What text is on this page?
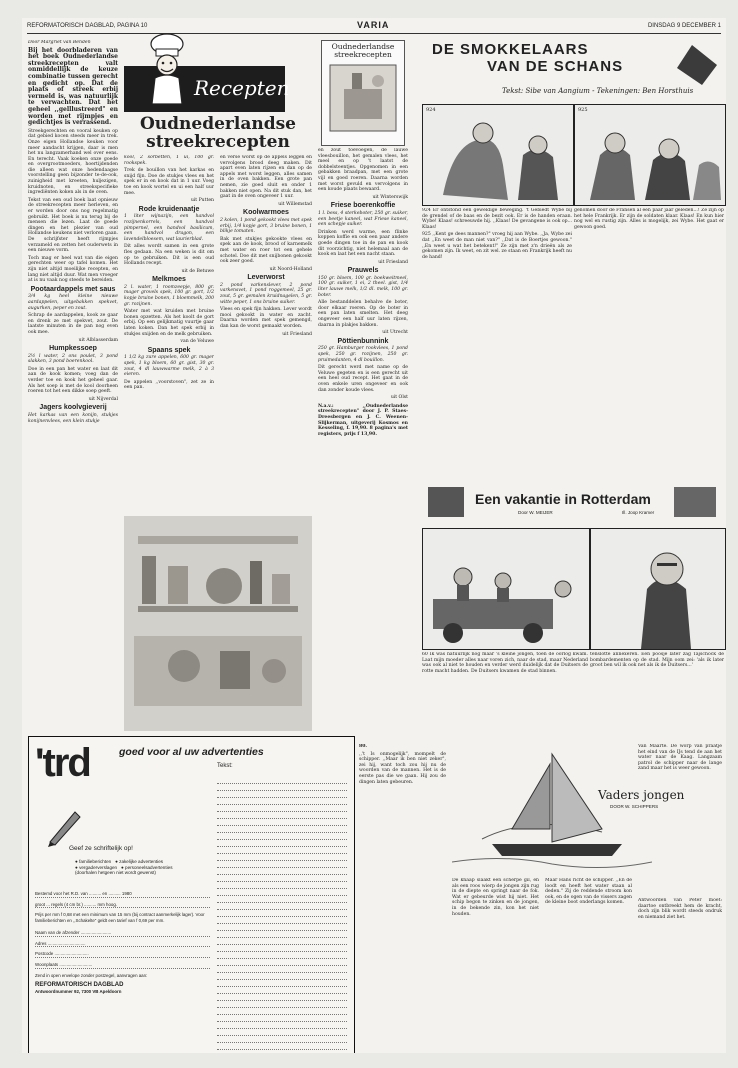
REFORMATORISCH DAGBLAD, PAGINA 10	VARIA	DINSDAG 9 DECEMBER 1

Door Margriet van Benden

Bij het doorbladeren van het boek Oudnederlandse streekrecepten valt onmiddellijk de keuze combinatie tussen gerecht en gedicht op. Dat de plaats of streek erbij vermeld is, was natuurlijk te verwachten. Dat het geheel ,,gelllustreerd" en worden met rijmpjes en gedichtjes is verrassend.

Streekgerechten en vooral keuken op dat gebied kocen steeds meer in trek. Onze eigen Hollandse keuken voor meer aandacht krijgen, daar is men het nu langzamerhand wel over eens. En terecht. Vaak koeken onze goede en overgrootmoeders, hoertijdenden die alleen wat onze hedendaagse voorstelling geen bijzonder te-de-ook, zuinigheid met kreeten, huljezigen, kruidnoten, en streekspecifieke ingrediënten koken als in de oven.

Tekst van een oud boek laat opnieuw de streekrecepten meer herleven, en er worden door ons nog regelmatig gebruikt. Het boek is nu terug bij de mensen die lezen. Laat de goede dingen en het plezier van oud Hollandse keukens niet verloren gaan. De schrijfster heeft rijmpjes verzameld en zetten het ouderwets in een nieuwe vorm.

Toch mag er heel wat van die eigen gerechten weer op tafel komen. Het zijn niet altijd moeilijke recepten, en lang niet altijd duur. Wat men vroeger at is nu vaak nog steeds te bereiden.

Pootaardappels met saus

3/4 kg heel kleine nieuwe aardappelen, uitgebakken spekvet, augurken, peper en zout.

Schrap de aardappelen, kook ze gaar en drenk ze met spekvet, zout. De laatste minuten in de pan nog even ook mee.

uit Alblasserdam

Humpkessoep

2½ l water, 2 ons poulet, 3 pond slakken, 3 pond boerenkool.

Doe in een pan het water en laat dit aan de kook komen; voeg dan de verder toe en kook het geheel gaar. Als het soep is met de kool doorheen roeren tot het een dikke soep geeft.

uit Nijverdal

Jagers koolvgieverij

Het karkas van een konijn, stukjes konijnenvlees, een klein stukje

Recepten
Oudnederlandse streekrecepten
Oudnederlandse streekrecepten

kool, 2 sorbetten, 1 ui, 100 gr. rookspek.

Trek de bouillon van het karkas en snijd fijn. Doe de stukjes vlees en het spek er in en kook dat in 1 uur. Voeg toe en kook wortel en ui een half uur mee.

uit Putten

Rode kruidenaatje

1 liter wijnazijn, een handvol rozijnenkorrels, een handvol pimpernel, een handvol basilicum, een handvol dragon, een lavendelbloesem, wat laurierblad.

Dit alles wordt samen in een grote fles gedaan. Na een weken is dit om op te gebruiken. Dit is een oud Hollands recept.

uit de Betuwe

Melkmoes

2 l. water, 1 roomzeepje, 800 gr. mager grovels spek, 100 gr. gort, 1/2 kopje bruine bonen, 1 bloemmelk, 200 gr. rozijnen.

Water met wat kruiden met bruine bonen opzetten. Als het koolt de gort erbij. Op een gelijkmatig vuurtje gaar laten koken. Dan het spek erbij in stukjes snijden en de melk gebruiken.

van de Veluwe

Spaans spek

1 1/2 kg zure appelen, 600 gr. mager spek, 1 kg bloem, 60 gr. gist, 30 gr. zout, 4 dl lauwwarme melk, 2 à 3 eieren.

De appelen ,,voorstoven", zet ze in een pan.

en verse worst op de appels leggen en vervolgens brood deeg maken. Dit apart even laten rijzen en dan op de appels met worst leggen, alles samen in de oven bakken. Een grote pan nemen, zie goed sluit en onder 1 bakken niet open. Na dit stuk dan, het gaat in de oven ongeveer 1 uur.

uit Willemstad

Koolwarmoes

2 kolen, 1 pond gekookt vlees met spek erbij, 1/4 kopje gort, 3 bruine bonen, 1 blikje tomaten.

Bak met stukjes gekookte vlees en spek aan de kook, brood of karnemelk met water en roer tot een gehele schotel. Doe dit met snijbonen gekookt ook zeer goed.

uit Noord-Holland

Leverworst

2 pond varkenslever, 2 pond varkensvet, 1 pond roggemeel, 25 gr. zout, 5 gr. gemalen kruidnagelen, 5 gr. witte peper, 1 ons bruine suiker.

Vlees en spek fijn hakken. Lever wordt mooi gekookt in water en zacht. Daarna worden met spek gemengd, dan kan de worst gemaakt worden.

uit Friesland

en zout toevoegen, de lauwe vleesbouillon, het gemalen vlees, het meel en op 't laatst de dobbelsteentjes. Opgenomen in een gebakken braadpan, met een grote vijl en goed roeren. Daarna worden met worst gevuld en vervolgens in een koude plaats bewaard.

uit Winterswijk

Friese boerenkoffie

1 l. bess, 4 sterkeboter, 250 gr. suiker, een beetje kaneel, wat Friese kaneel, een schepje suiker.

Drinken werd warme, een flinke koppen koffie en ook een paar andere goede dingen toe in de pan en kook dit voorzichtig, niet helemaal aan de kook en laat het een nacht staan.

uit Friesland

Prauwels

150 gr. bloem, 100 gr. boekweitmeel, 100 gr. suiker, 1 ei, 2 theel. gist, 1/4 liter lauwe melk, 1/2 dl. melk, 100 gr. boter.

Alle bestanddelen behalve de boter, door elkaar roeren. Op de boter in een pan laten smelten. Het deeg ongeveer een half uur laten rijzen, daarna in plakjes bakken.

uit Utrecht

Pöttienbunnink

250 gr. Hamburger rookvlees, 1 pond spek, 250 gr. rozijnen, 250 gr. pruimedanten, 4 dl bouillon.

Dit gerecht werd met name op de Veluwe gegeten en is een gerecht uit een heel oud recept. Het gaat in de oven enkele uren ongeveer en ook dan zonder koude vlees.

uit Olst

N.a.v.: ,,Oudnederlandse streekrecepten" door J. P. Staes-Dreesbergen en J. C. Weenen-Slijkerman, uitgeverij Kosmos en Kesseling, f. 19,90. 8 pagina's met registers, prijs f 13,90.

DE SMOKKELAARS
VAN DE SCHANS
Tekst: Sibe van Aangium - Tekeningen: Ben Horsthuis
924	925

924 Er ontstond een geweldige beweging. 't Gebiedt Wybe bij de grendel of de baas en de bezit ook. Er is de handen eraan. Wybe! Klaas! schreeuwde hij. ,,Klaas! De gevangene is ook op... Klaas!

925 ,,Kent ge dees mannen?" vroeg hij aan Wybe. ,,Ja, Wybe zei dat ,,En weet de man niet van?" ,,Dat is de Boertjes gewoon." ,,En weet u wat het betekent!" Ze zijn met z'n drieën als ze gekomen zijn. Ik weet, en zit wel. ze staan en Frankrijk heeft nu de hand!

genomen door de Fransen al een paar jaar geleden...! Ze zijn op het hele Frankrijk. Er zijn de soldaten klaar. Klaas! En kun hier nog wel en rustig zijn. Alles is mogelijk, zei Wybe. Het gaat er gewoon goed.

Een vakantie in Rotterdam
Door W. MEIJER	Ill. Joop Kramer

60 Ik was natuurlijk nog maar 's kleine jongen, toen de oorlog kwam. Laat mijn moeder alles naar voren zich, naar de stad, maar Nederland was ook al niet te houden en verder werd duidelijk dat de Duitsers de rotte macht hadden. De Duitsers kwamen de stad binnen.

tenslotte annexeren. Een poosje later zag Tajschock de bombardementen op de stad. Mijn oom zei: 'als ik later groot ben wil ik ook net als ik de Duitsers...'

'trd	goed voor al uw advertenties
Tekst:
Geef ze schriftelijk op!
● familieberichten   ● zakelijke advertenties
● vergaderverslagen   ● personeelsadvertenties
(doorhalen hetgeen niet wordt gewenst)
Bestemd voor het R.D. van .......... en .......... 1980
groot ... regels (4 cm br.) .......... mm hoog.
Prijs per mm f 0,68 met een minimum van 15 mm (bij contract aanmerkelijk lager). Voor familieberichten en ,,Schakelte" geldt een tarief van f 0,69 per mm.
Naam van de afzender .........................
Adres ...............................
Postcode ............................
Woonplaats ...........................
Zend in open envelope zonder postzegel, aanvragen aan:
REFORMATORISCH DAGBLAD
Antwoordnummer 92, 7300 VB Apeldoorn

80.

,,'t Is onmogelijk", mompelt de schipper. ,,Maar ik ben niet zeker", zei hij, want toch zou hij nu de woorden van de mannen. Het is de eerste pas die we gaan. Hij zou de dingen laten gebeuren.

Vaders jongen
DOOR W. SCHIPPERS

De knaap slaakt een scherpe gil, en als een roos wierp de jongen zijn rug in de diepte en springt naar de fok. Wat er gebeurde wist hij niet. Het schip begon te zinken en de jongen, in de bekende zin, kon het niet houden.

Maar Hans richt de schipper. ,,En de loodt en heeft het water staan al deden." Zij de reddende stroom kon ook, en de ogen van de vissers zagen de kleine boot onderlangs komen.

Van Maarte. De worp van praatje het eind van de IJs tend de aan het water naar de Kaag. Langzaam patrol de schipper naar de lange zand maar het is weer gewoon.

Antwoorden van Peter moet: daartoe ontbreekt hem de kracht, doch zijn blik wordt steeds ondruk en niemand ziet het.
